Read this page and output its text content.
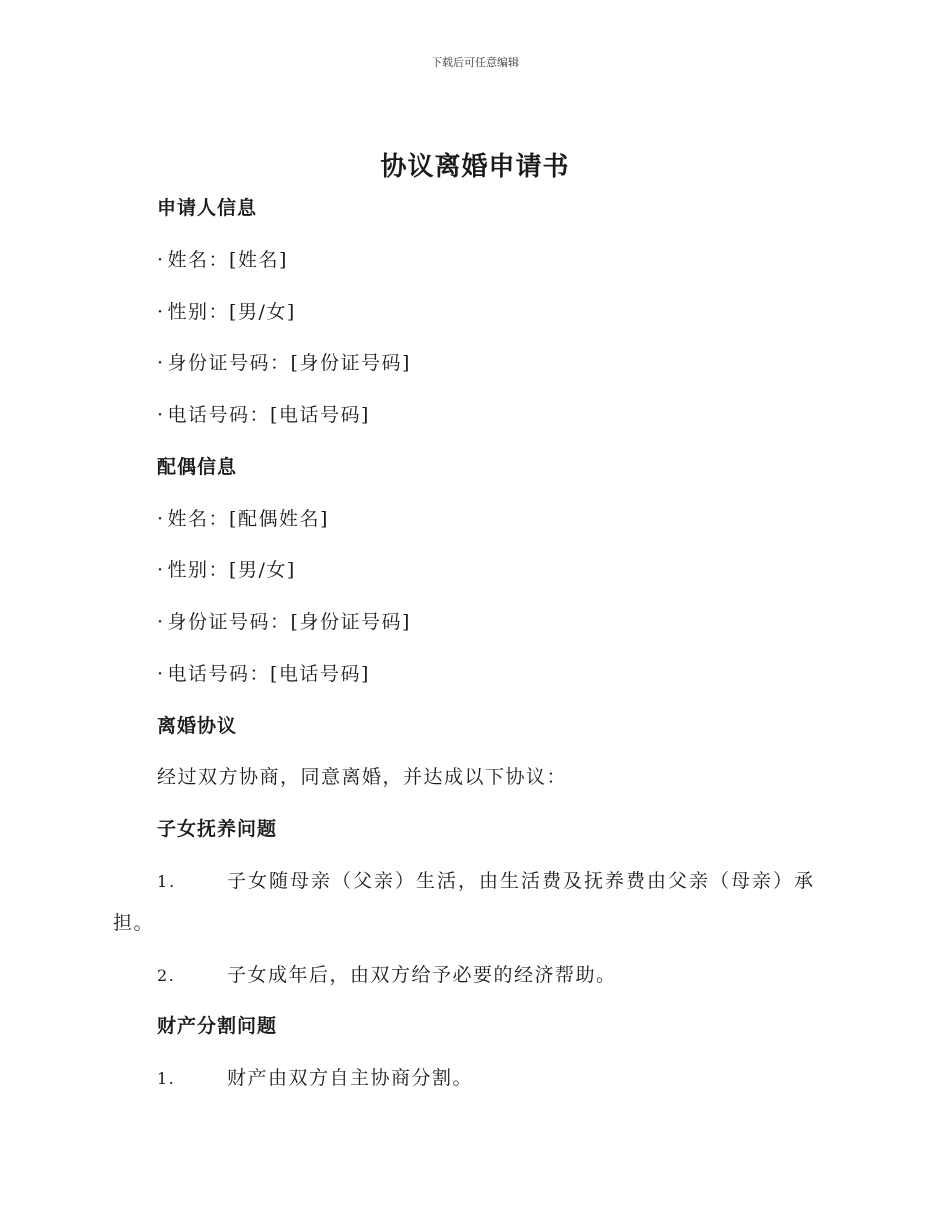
下载后可任意编辑
协议离婚申请书
申请人信息
· 姓名：[姓名]
· 性别：[男/女]
· 身份证号码：[身份证号码]
· 电话号码：[电话号码]
配偶信息
· 姓名：[配偶姓名]
· 性别：[男/女]
· 身份证号码：[身份证号码]
· 电话号码：[电话号码]
离婚协议
经过双方协商，同意离婚，并达成以下协议：
子女抚养问题
1.	子女随母亲（父亲）生活，由生活费及抚养费由父亲（母亲）承
担。
2.	子女成年后，由双方给予必要的经济帮助。
财产分割问题
1.	财产由双方自主协商分割。
